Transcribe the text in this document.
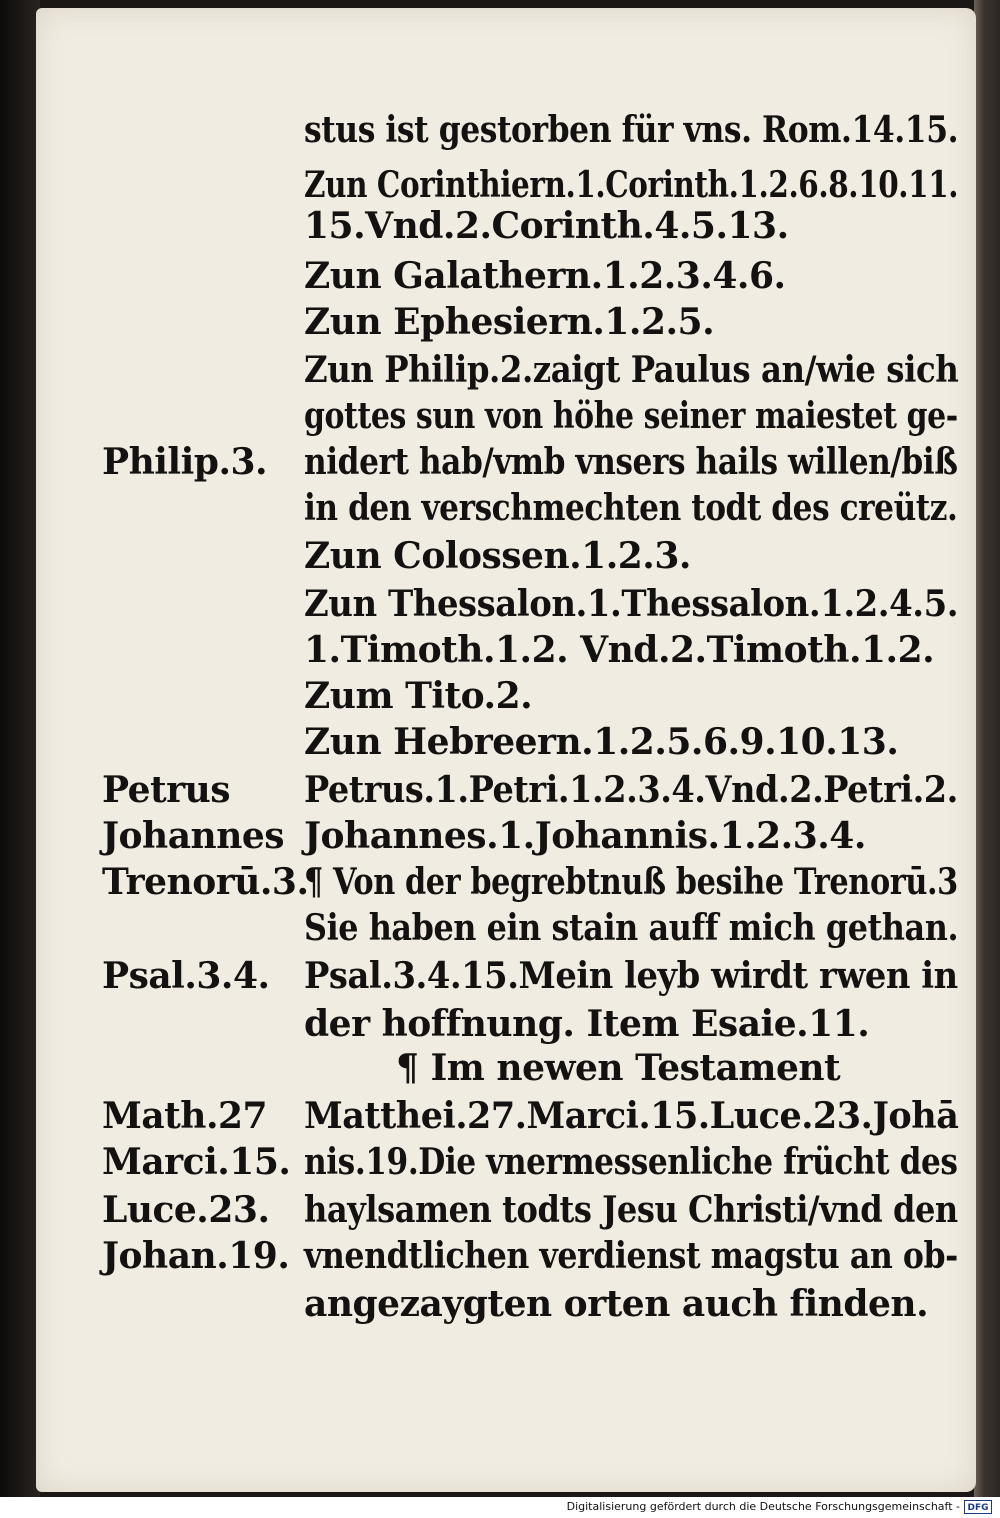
stus ist gestorben für vns. Rom.14.15.
Zun Corinthiern.1.Corinth.1.2.6.8.10.11.
15.Vnd.2.Corinth.4.5.13.
Zun Galathern.1.2.3.4.6.
Zun Ephesiern.1.2.5.
Zun Philip.2.zaigt Paulus an/wie sich
gottes sun von höhe seiner maiestet ge-
nidert hab/vmb vnsers hails willen/biß
in den verschmechten todt des creütz.
Zun Colossen.1.2.3.
Zun Thessalon.1.Thessalon.1.2.4.5.
1.Timoth.1.2. Vnd.2.Timoth.1.2.
Zum Tito.2.
Zun Hebreern.1.2.5.6.9.10.13.
Petrus.1.Petri.1.2.3.4.Vnd.2.Petri.2.
Johannes.1.Johannis.1.2.3.4.
¶ Von der begrebtnuß besihe Trenorū.3
Sie haben ein stain auff mich gethan.
Psal.3.4.15.Mein leyb wirdt rwen in
der hoffnung. Item Esaie.11.
¶ Im newen Testament
Matthei.27.Marci.15.Luce.23.Johā
nis.19.Die vnermessenliche frücht des
haylsamen todts Jesu Christi/vnd den
vnendtlichen verdienst magstu an ob-
angezaygten orten auch finden.
Philip.3.
Petrus
Johannes
Trenorū.3.
Psal.3.4.
Math.27
Marci.15.
Luce.23.
Johan.19.
Digitalisierung gefördert durch die Deutsche Forschungsgemeinschaft - DFG
